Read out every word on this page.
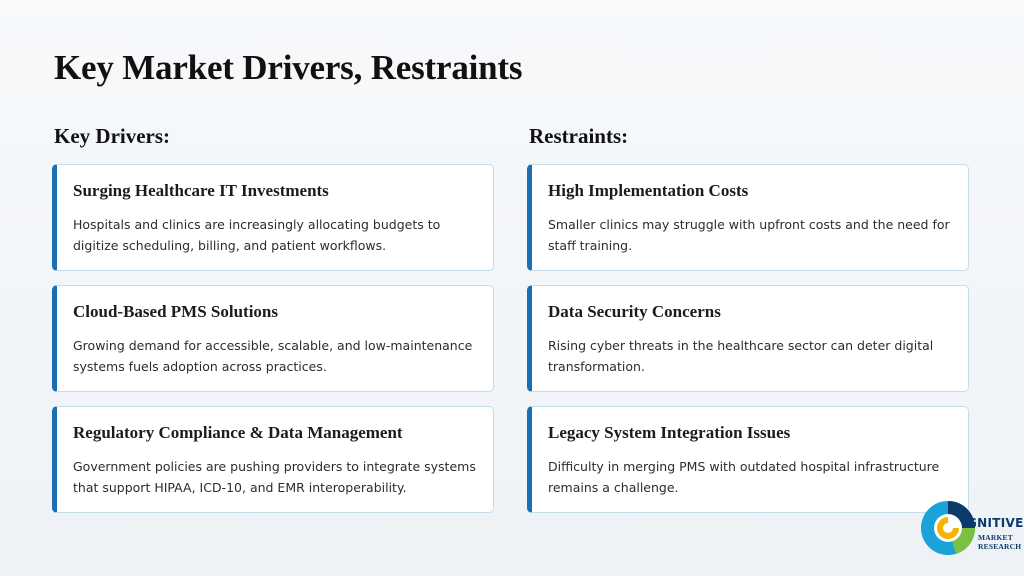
Key Market Drivers, Restraints
Key Drivers:	Restraints:

Surging Healthcare IT Investments

Hospitals and clinics are increasingly allocating budgets to digitize scheduling, billing, and patient workflows.

Cloud-Based PMS Solutions

Growing demand for accessible, scalable, and low-maintenance systems fuels adoption across practices.

Regulatory Compliance & Data Management

Government policies are pushing providers to integrate systems that support HIPAA, ICD-10, and EMR interoperability.

High Implementation Costs

Smaller clinics may struggle with upfront costs and the need for staff training.

Data Security Concerns

Rising cyber threats in the healthcare sector can deter digital transformation.

Legacy System Integration Issues

Difficulty in merging PMS with outdated hospital infrastructure remains a challenge.

GNITIVE
MARKET
RESEARCH
